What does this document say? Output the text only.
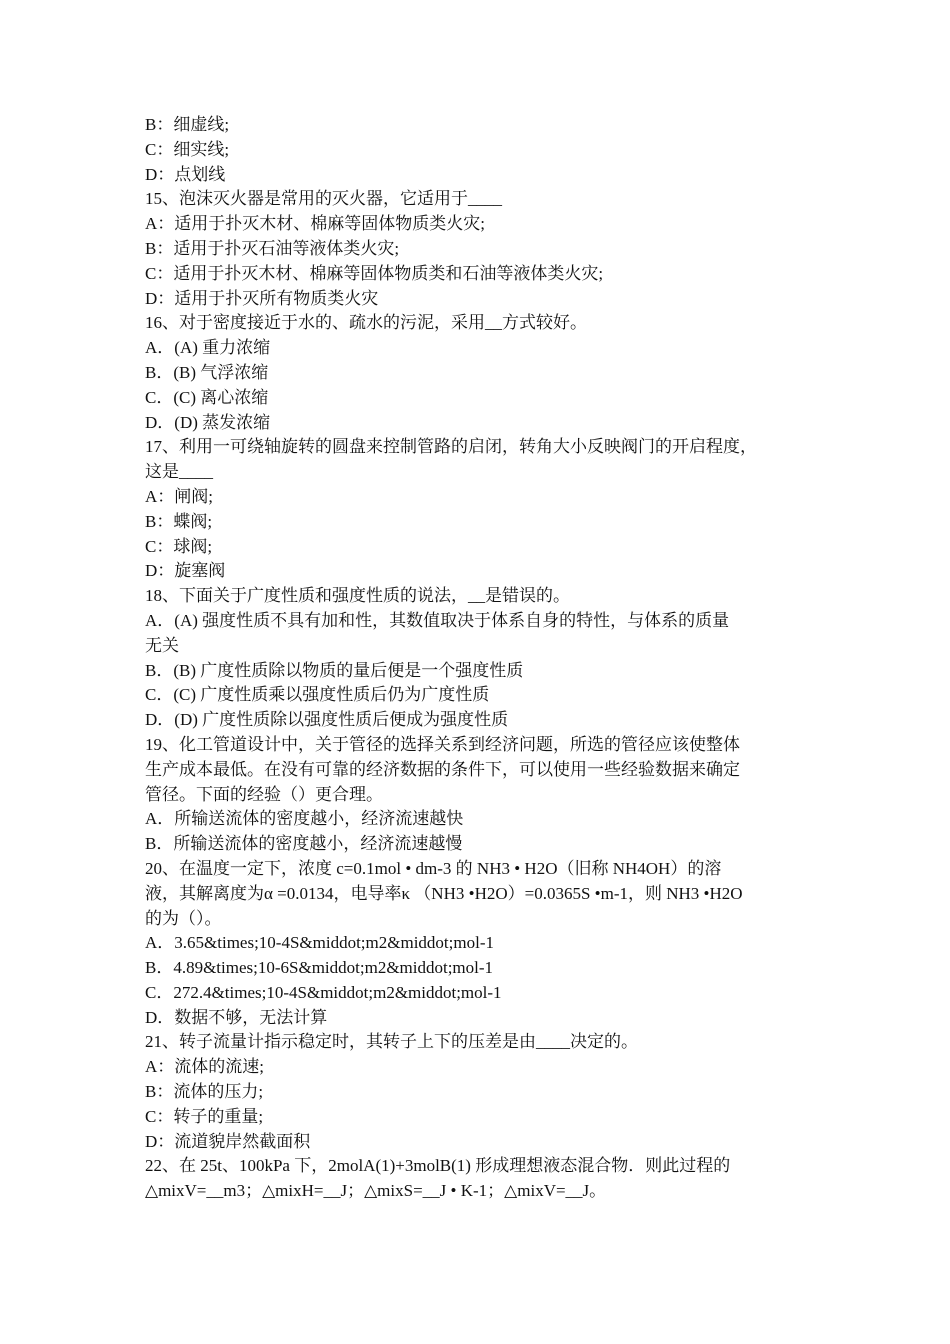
B：细虚线;
C：细实线;
D：点划线
15、泡沫灭火器是常用的灭火器，它适用于____
A：适用于扑灭木材、棉麻等固体物质类火灾;
B：适用于扑灭石油等液体类火灾;
C：适用于扑灭木材、棉麻等固体物质类和石油等液体类火灾;
D：适用于扑灭所有物质类火灾
16、对于密度接近于水的、疏水的污泥，采用__方式较好。
A．(A) 重力浓缩
B．(B) 气浮浓缩
C．(C) 离心浓缩
D．(D) 蒸发浓缩
17、利用一可绕轴旋转的圆盘来控制管路的启闭，转角大小反映阀门的开启程度，
这是____
A：闸阀;
B：蝶阀;
C：球阀;
D：旋塞阀
18、下面关于广度性质和强度性质的说法，__是错误的。
A．(A) 强度性质不具有加和性，其数值取决于体系自身的特性，与体系的质量
无关
B．(B) 广度性质除以物质的量后便是一个强度性质
C．(C) 广度性质乘以强度性质后仍为广度性质
D．(D) 广度性质除以强度性质后便成为强度性质
19、化工管道设计中，关于管径的选择关系到经济问题，所选的管径应该使整体
生产成本最低。在没有可靠的经济数据的条件下，可以使用一些经验数据来确定
管径。下面的经验（）更合理。
A．所输送流体的密度越小，经济流速越快
B．所输送流体的密度越小，经济流速越慢
20、在温度一定下，浓度 c=0.1mol • dm-3 的 NH3 • H2O（旧称 NH4OH）的溶
液，其解离度为α =0.0134，电导率κ （NH3 •H2O）=0.0365S •m-1，则 NH3 •H2O
的为（）。
A．3.65&times;10-4S&middot;m2&middot;mol-1
B．4.89&times;10-6S&middot;m2&middot;mol-1
C．272.4&times;10-4S&middot;m2&middot;mol-1
D．数据不够，无法计算
21、转子流量计指示稳定时，其转子上下的压差是由____决定的。
A：流体的流速;
B：流体的压力;
C：转子的重量;
D：流道貌岸然截面积
22、在 25t、100kPa 下，2molA(1)+3molB(1) 形成理想液态混合物．则此过程的
△mixV=__m3；△mixH=__J；△mixS=__J • K-1；△mixV=__J。
